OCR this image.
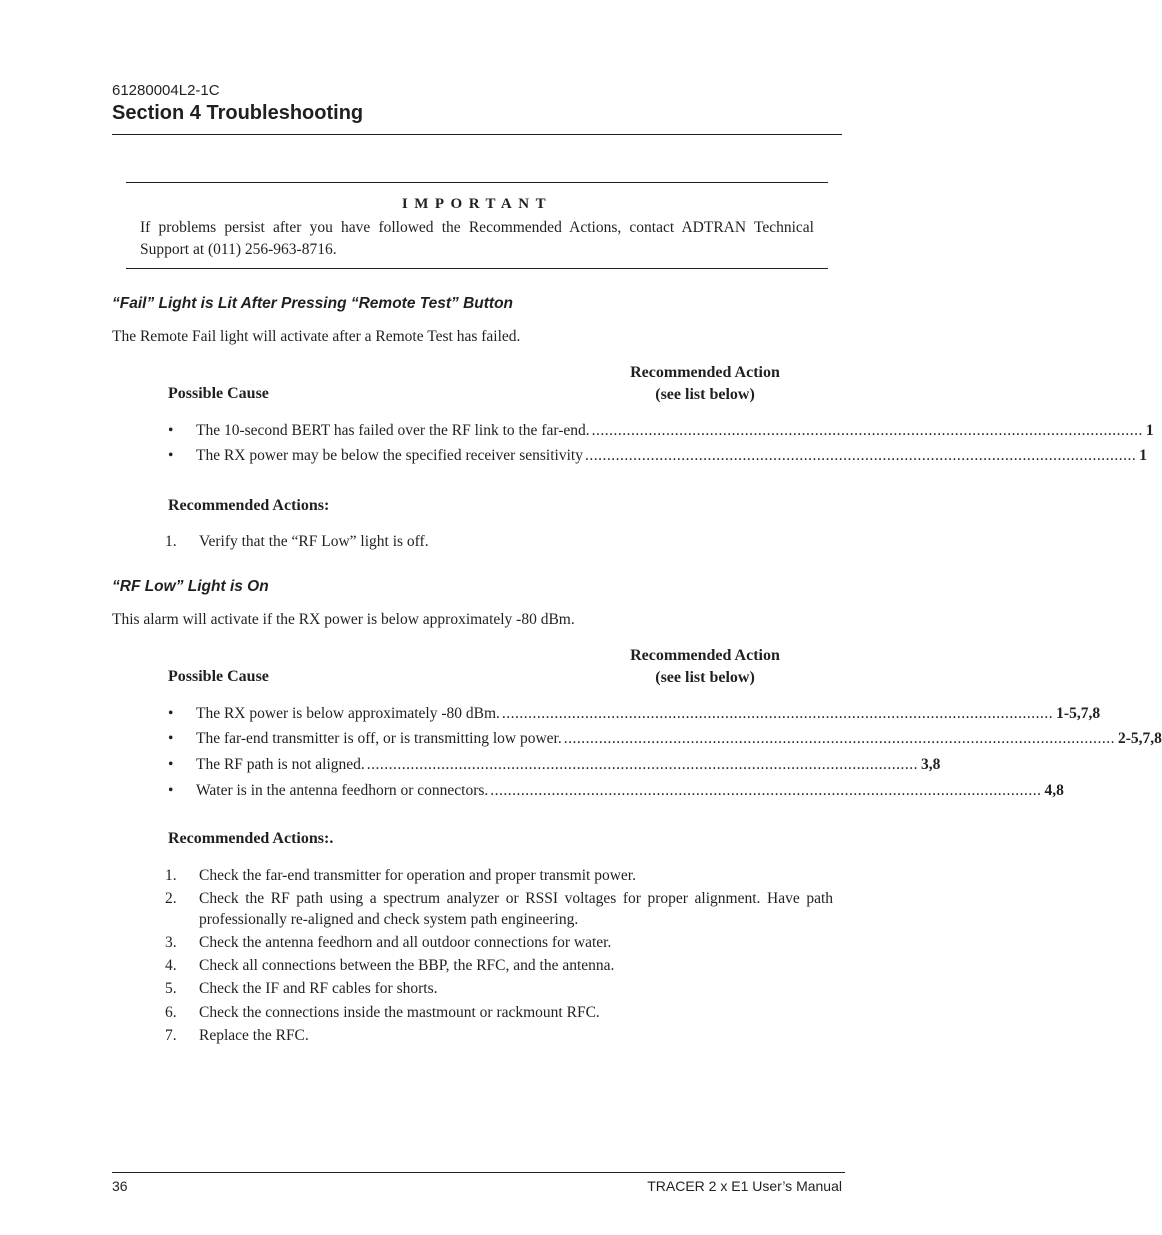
61280004L2-1C
Section 4 Troubleshooting
IMPORTANT
If problems persist after you have followed the Recommended Actions, contact ADTRAN Technical Support at (011) 256-963-8716.
“Fail” Light is Lit After Pressing “Remote Test” Button
The Remote Fail light will activate after a Remote Test has failed.
Recommended Action
(see list below)
Possible Cause
•	The 10-second BERT has failed over the RF link to the far-end. .............................................................................................................................. 1
•	The RX power may be below the specified receiver sensitivity .............................................................................................................................. 1
Recommended Actions:
1.	Verify that the “RF Low” light is off.
“RF Low” Light is On
This alarm will activate if the RX power is below approximately -80 dBm.
Recommended Action
(see list below)
Possible Cause
•	The RX power is below approximately -80 dBm. .............................................................................................................................. 1-5,7,8
•	The far-end transmitter is off, or is transmitting low power. .............................................................................................................................. 2-5,7,8
•	The RF path is not aligned. .............................................................................................................................. 3,8
•	Water is in the antenna feedhorn or connectors. .............................................................................................................................. 4,8
Recommended Actions:.
1.	Check the far-end transmitter for operation and proper transmit power.
2.	Check the RF path using a spectrum analyzer or RSSI voltages for proper alignment. Have path professionally re-aligned and check system path engineering.
3.	Check the antenna feedhorn and all outdoor connections for water.
4.	Check all connections between the BBP, the RFC, and the antenna.
5.	Check the IF and RF cables for shorts.
6.	Check the connections inside the mastmount or rackmount RFC.
7.	Replace the RFC.
36	TRACER 2 x E1 User’s Manual
